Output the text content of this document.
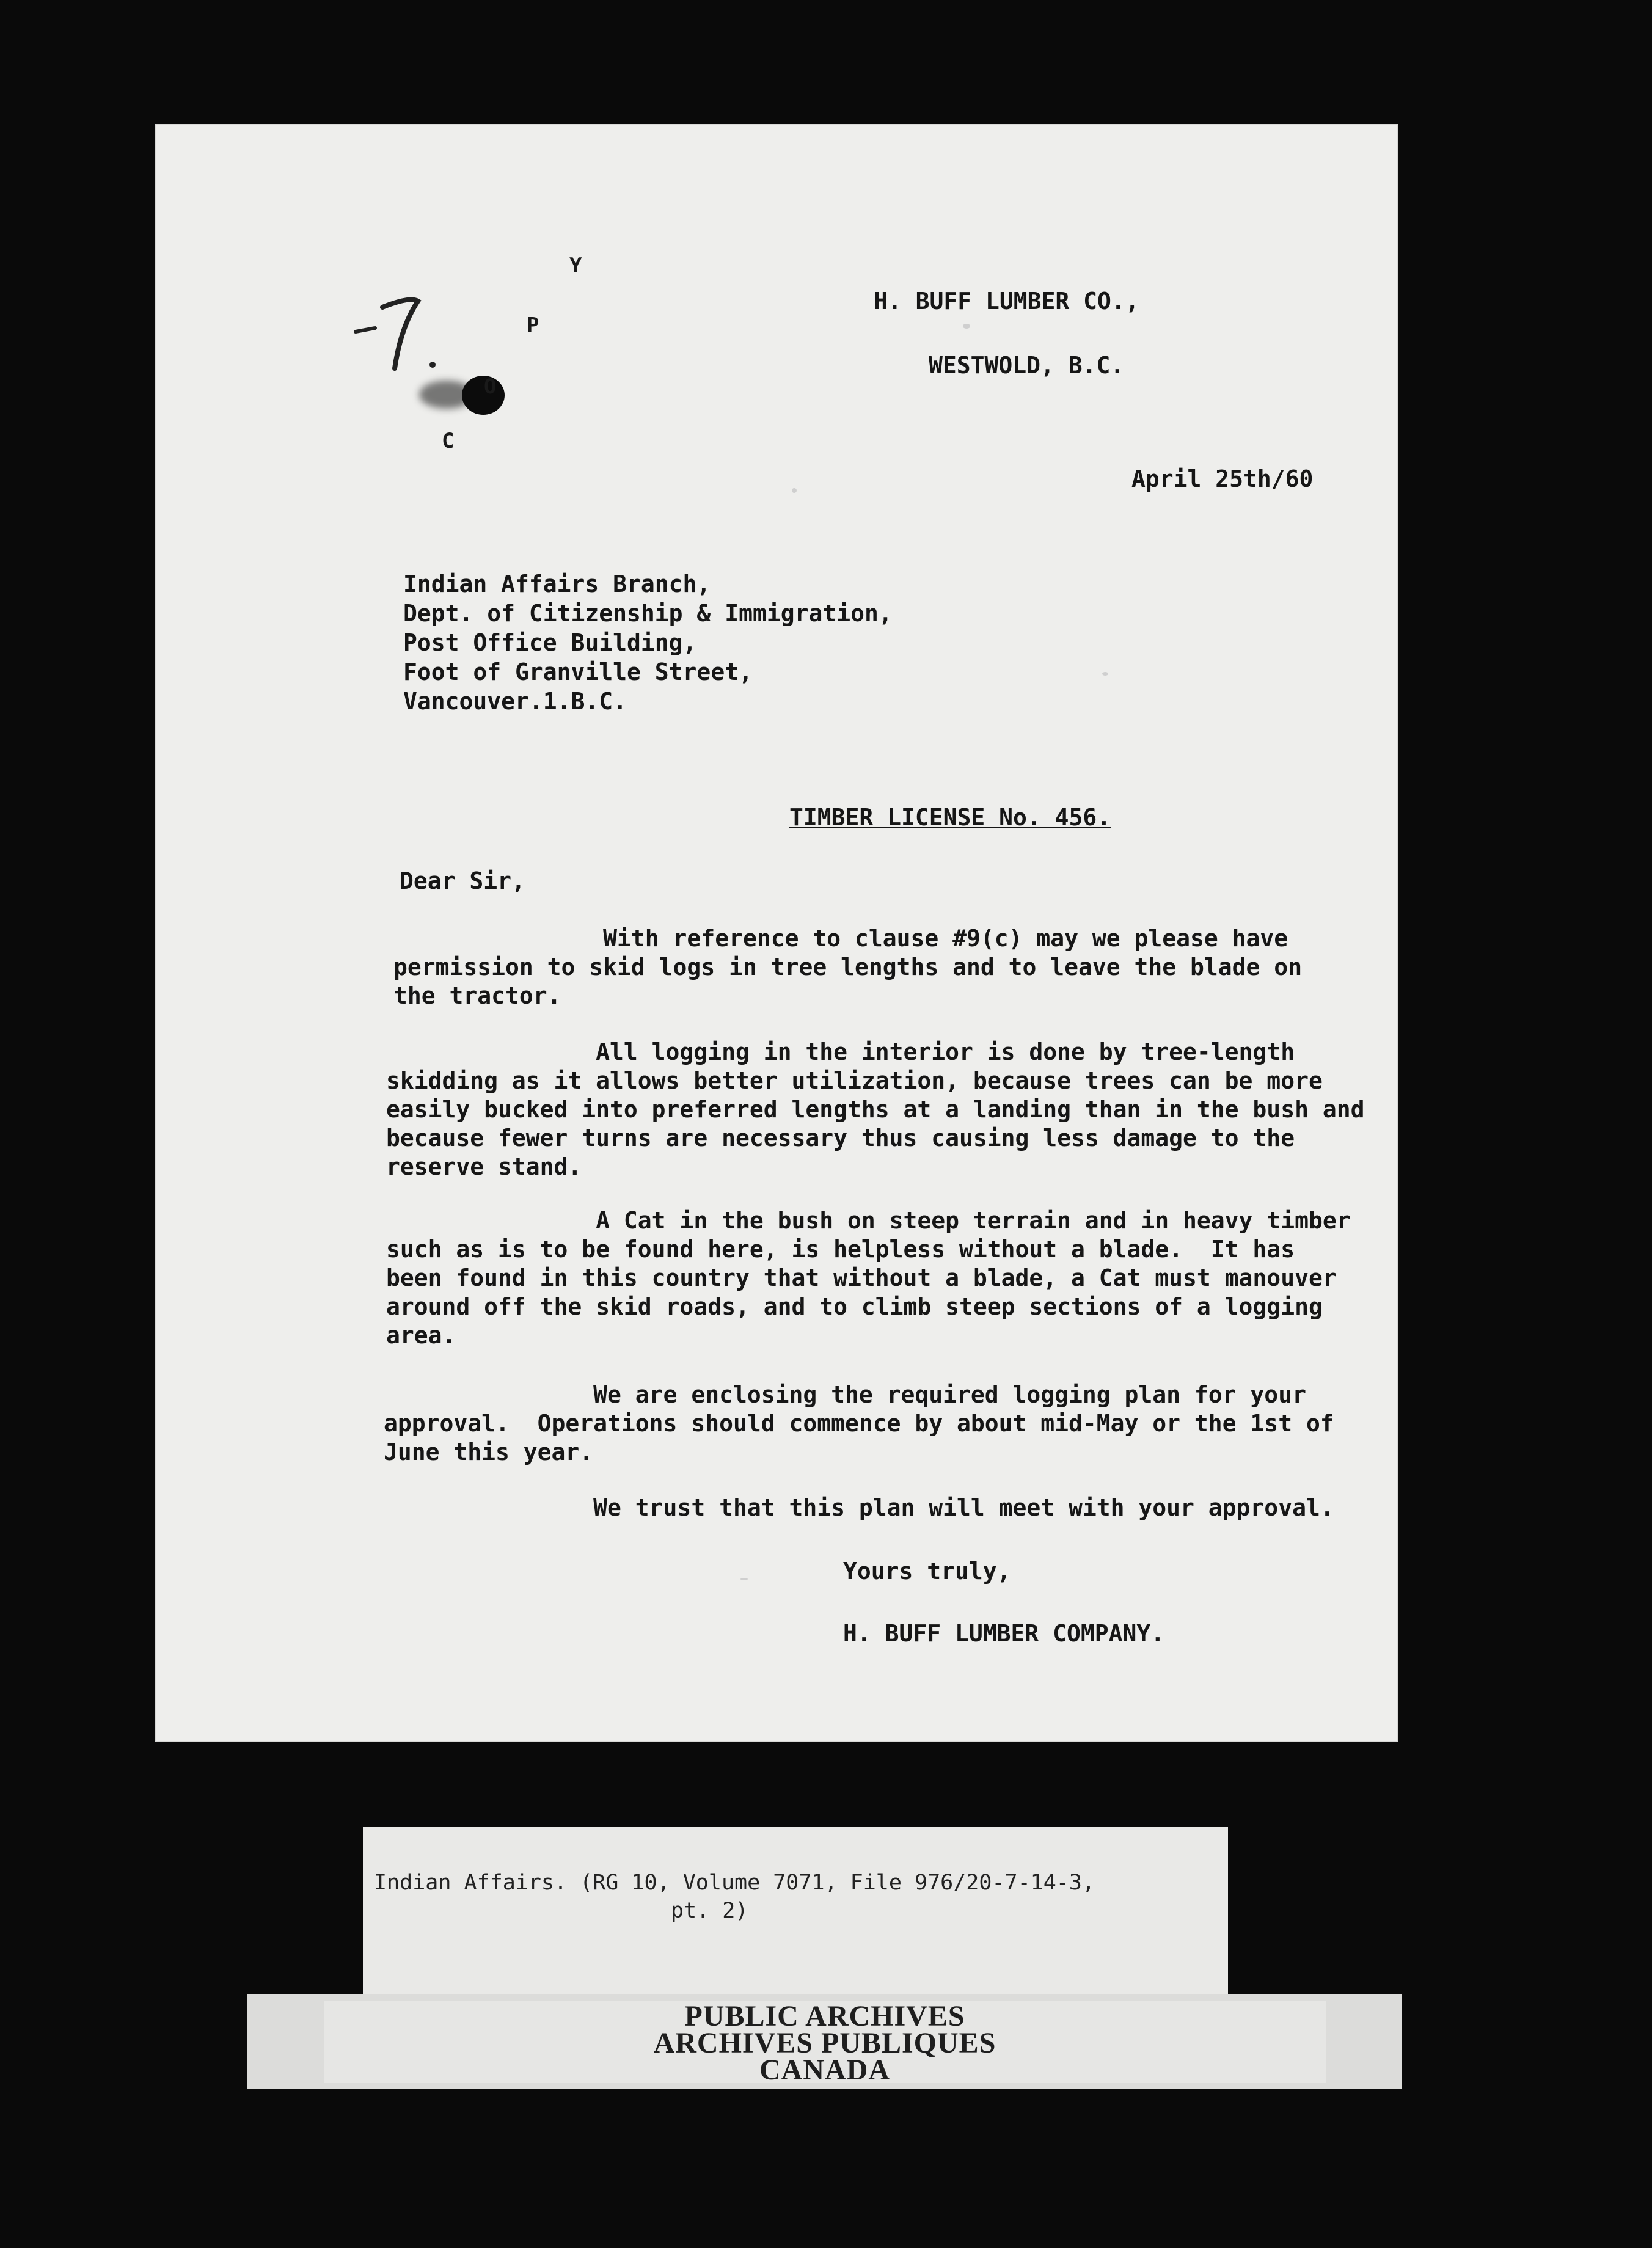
C
O
P
Y
H. BUFF LUMBER CO.,
WESTWOLD, B.C.
April 25th/60
Indian Affairs Branch,
Dept. of Citizenship & Immigration,
Post Office Building,
Foot of Granville Street,
Vancouver.1.B.C.
TIMBER LICENSE No. 456.
Dear Sir,
With reference to clause #9(c) may we please have
permission to skid logs in tree lengths and to leave the blade on
the tractor.
All logging in the interior is done by tree-length
skidding as it allows better utilization, because trees can be more
easily bucked into preferred lengths at a landing than in the bush and
because fewer turns are necessary thus causing less damage to the
reserve stand.
A Cat in the bush on steep terrain and in heavy timber
such as is to be found here, is helpless without a blade.  It has
been found in this country that without a blade, a Cat must manouver
around off the skid roads, and to climb steep sections of a logging
area.
We are enclosing the required logging plan for your
approval.  Operations should commence by about mid-May or the 1st of
June this year.
We trust that this plan will meet with your approval.
Yours truly,
H. BUFF LUMBER COMPANY.
Indian Affairs. (RG 10, Volume 7071, File 976/20-7-14-3,
pt. 2)
PUBLIC ARCHIVES
ARCHIVES PUBLIQUES
CANADA
